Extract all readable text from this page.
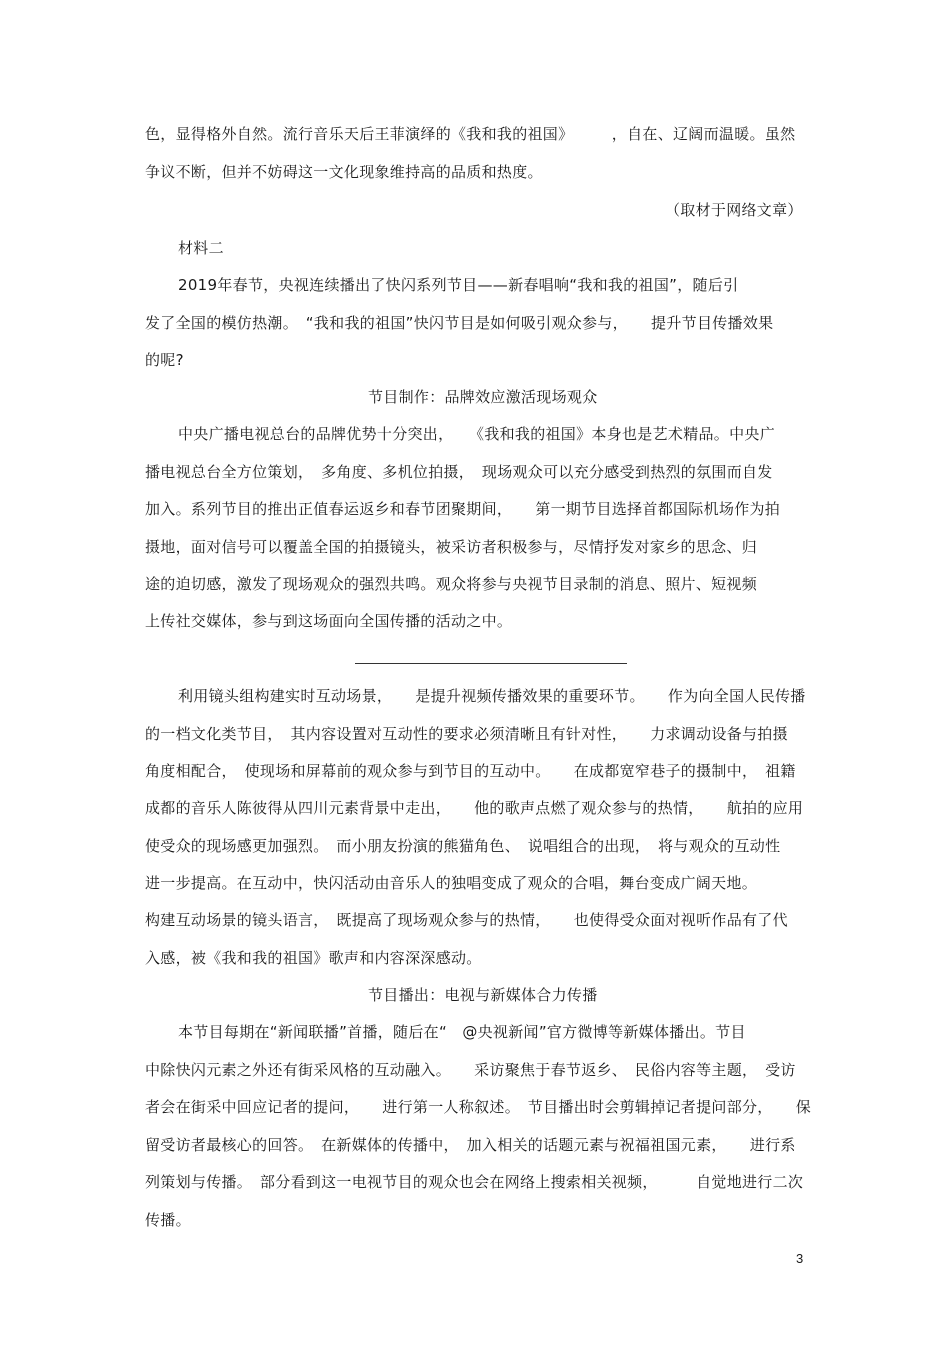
色，显得格外自然。流行音乐天后王菲演绎的《我和我的祖国》　　　，自在、辽阔而温暖。虽然
争议不断，但并不妨碍这一文化现象维持高的品质和热度。
（取材于网络文章）
材料二
2019年春节，央视连续播出了快闪系列节目——新春唱响“我和我的祖国”，随后引
发了全国的模仿热潮。　“我和我的祖国”快闪节目是如何吸引观众参与，　　提升节目传播效果
的呢?
节目制作：品牌效应激活现场观众
中央广播电视总台的品牌优势十分突出，　　《我和我的祖国》本身也是艺术精品。中央广
播电视总台全方位策划，　多角度、多机位拍摄，　现场观众可以充分感受到热烈的氛围而自发
加入。系列节目的推出正值春运返乡和春节团聚期间，　　第一期节目选择首都国际机场作为拍
摄地，面对信号可以覆盖全国的拍摄镜头，被采访者积极参与，尽情抒发对家乡的思念、归
途的迫切感，激发了现场观众的强烈共鸣。观众将参与央视节目录制的消息、照片、短视频
上传社交媒体，参与到这场面向全国传播的活动之中。
利用镜头组构建实时互动场景，　　是提升视频传播效果的重要环节。　　作为向全国人民传播
的一档文化类节目，　其内容设置对互动性的要求必须清晰且有针对性，　　力求调动设备与拍摄
角度相配合，　使现场和屏幕前的观众参与到节目的互动中。　　在成都宽窄巷子的摄制中，　祖籍
成都的音乐人陈彼得从四川元素背景中走出，　　他的歌声点燃了观众参与的热情，　　航拍的应用
使受众的现场感更加强烈。　而小朋友扮演的熊猫角色、　说唱组合的出现，　将与观众的互动性
进一步提高。在互动中，快闪活动由音乐人的独唱变成了观众的合唱，舞台变成广阔天地。
构建互动场景的镜头语言，　既提高了现场观众参与的热情，　　也使得受众面对视听作品有了代
入感，被《我和我的祖国》歌声和内容深深感动。
节目播出：电视与新媒体合力传播
本节目每期在“新闻联播”首播，随后在“　@央视新闻”官方微博等新媒体播出。节目
中除快闪元素之外还有街采风格的互动融入。　　采访聚焦于春节返乡、　民俗内容等主题，　受访
者会在街采中回应记者的提问，　　进行第一人称叙述。　节目播出时会剪辑掉记者提问部分，　　保
留受访者最核心的回答。　在新媒体的传播中，　加入相关的话题元素与祝福祖国元素，　　进行系
列策划与传播。　部分看到这一电视节目的观众也会在网络上搜索相关视频，　　　自觉地进行二次
传播。
3
